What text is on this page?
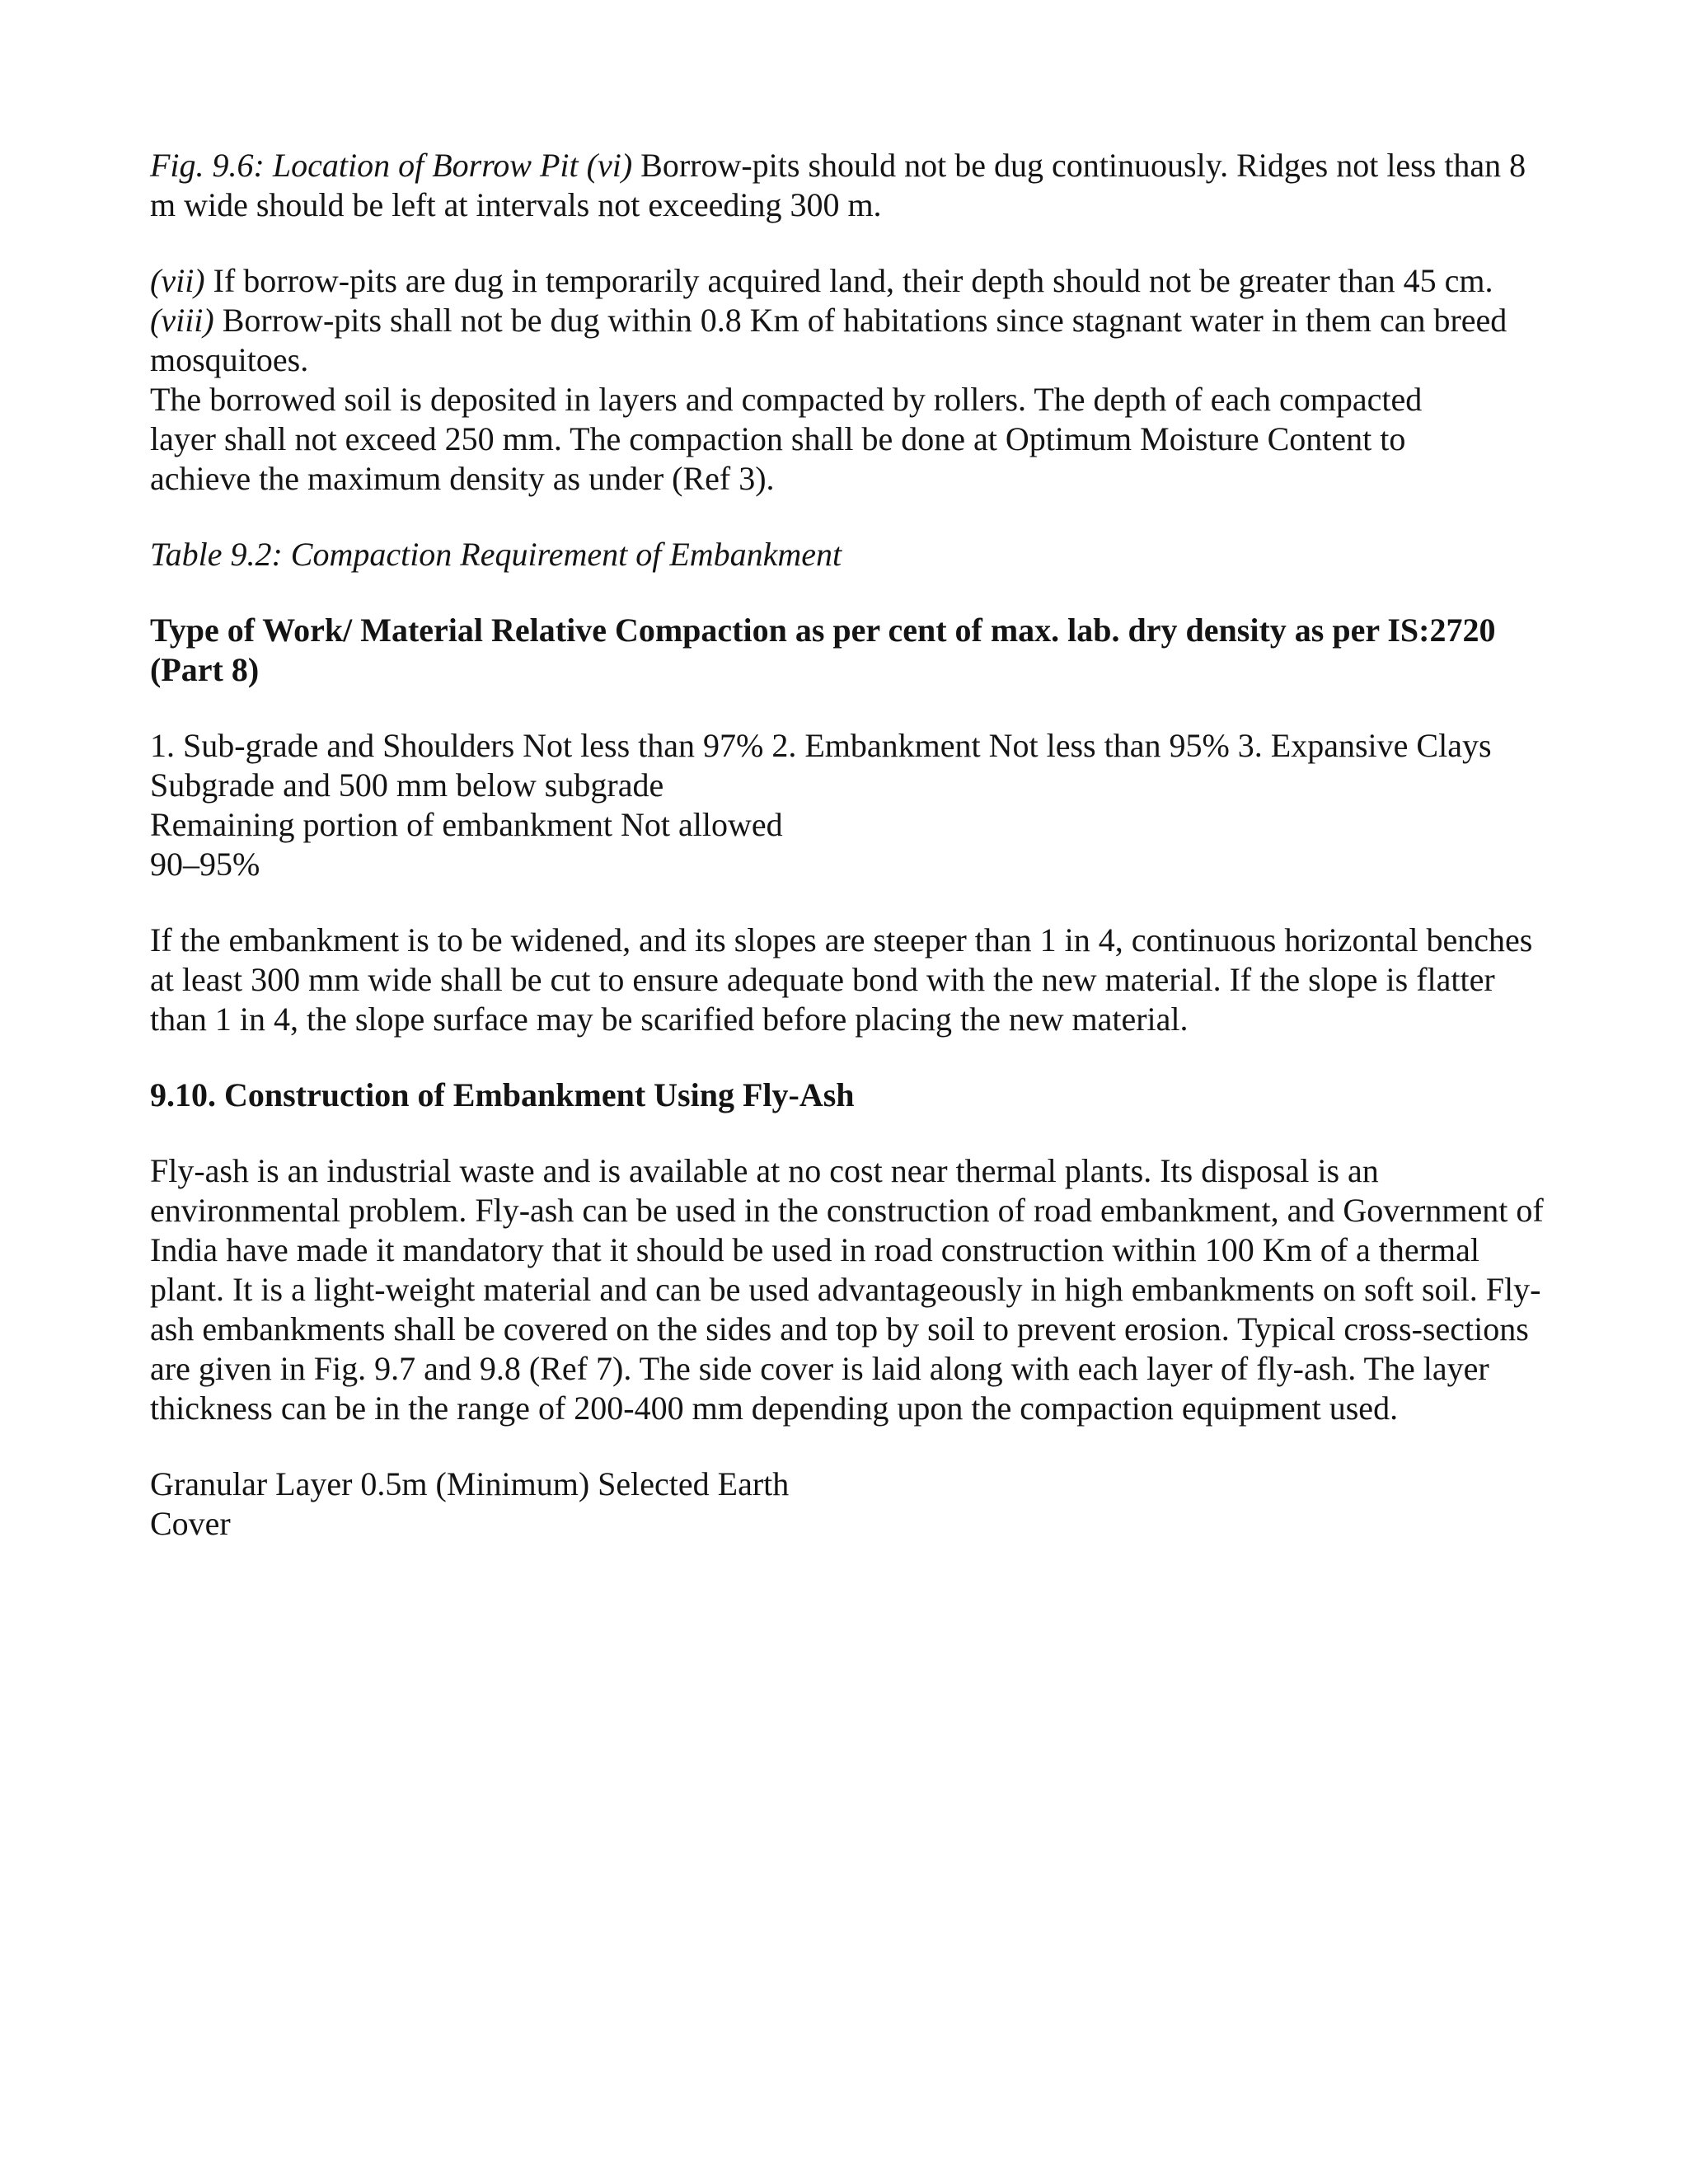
Fig. 9.6: Location of Borrow Pit (vi) Borrow-pits should not be dug continuously. Ridges not less than 8 m wide should be left at intervals not exceeding 300 m.

(vii) If borrow-pits are dug in temporarily acquired land, their depth should not be greater than 45 cm.
(viii) Borrow-pits shall not be dug within 0.8 Km of habitations since stagnant water in them can breed mosquitoes.
The borrowed soil is deposited in layers and compacted by rollers. The depth of each compacted
layer shall not exceed 250 mm. The compaction shall be done at Optimum Moisture Content to
achieve the maximum density as under (Ref 3).

Table 9.2: Compaction Requirement of Embankment

Type of Work/ Material Relative Compaction as per cent of max. lab. dry density as per IS:2720 (Part 8)

1. Sub-grade and Shoulders Not less than 97% 2. Embankment Not less than 95% 3. Expansive Clays Subgrade and 500 mm below subgrade
Remaining portion of embankment Not allowed
90–95%

If the embankment is to be widened, and its slopes are steeper than 1 in 4, continuous horizontal benches at least 300 mm wide shall be cut to ensure adequate bond with the new material. If the slope is flatter than 1 in 4, the slope surface may be scarified before placing the new material.

9.10. Construction of Embankment Using Fly-Ash

Fly-ash is an industrial waste and is available at no cost near thermal plants. Its disposal is an environmental problem. Fly-ash can be used in the construction of road embankment, and Government of India have made it mandatory that it should be used in road construction within 100 Km of a thermal plant. It is a light-weight material and can be used advantageously in high embankments on soft soil. Fly-ash embankments shall be covered on the sides and top by soil to prevent erosion. Typical cross-sections are given in Fig. 9.7 and 9.8 (Ref 7). The side cover is laid along with each layer of fly-ash. The layer thickness can be in the range of 200-400 mm depending upon the compaction equipment used.

Granular Layer 0.5m (Minimum) Selected Earth
Cover
